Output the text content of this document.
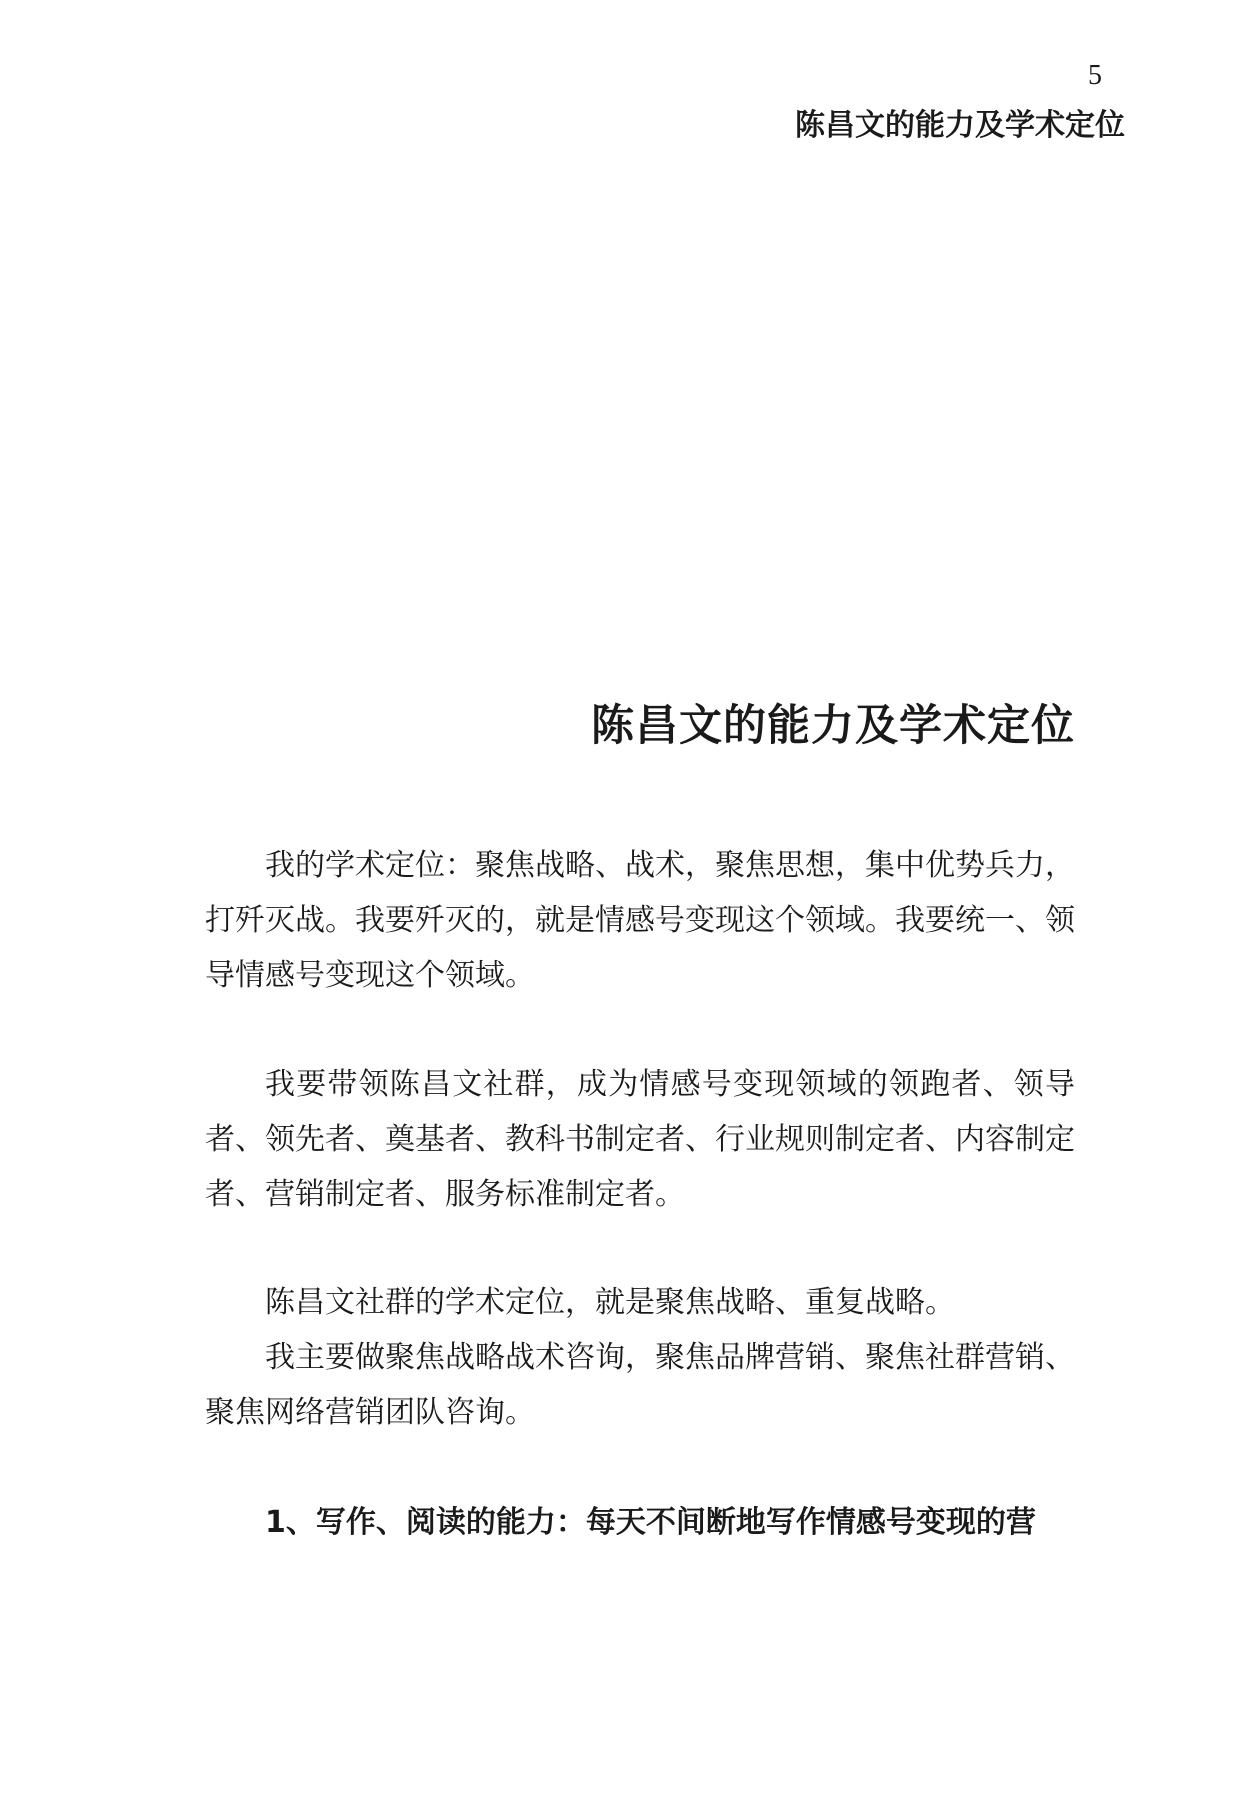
5
陈昌文的能力及学术定位
陈昌文的能力及学术定位

我的学术定位：聚焦战略、战术，聚焦思想，集中优势兵力，打歼灭战。我要歼灭的，就是情感号变现这个领域。我要统一、领导情感号变现这个领域。

我要带领陈昌文社群，成为情感号变现领域的领跑者、领导者、领先者、奠基者、教科书制定者、行业规则制定者、内容制定者、营销制定者、服务标准制定者。

陈昌文社群的学术定位，就是聚焦战略、重复战略。

我主要做聚焦战略战术咨询，聚焦品牌营销、聚焦社群营销、聚焦网络营销团队咨询。

1、写作、阅读的能力：每天不间断地写作情感号变现的营
